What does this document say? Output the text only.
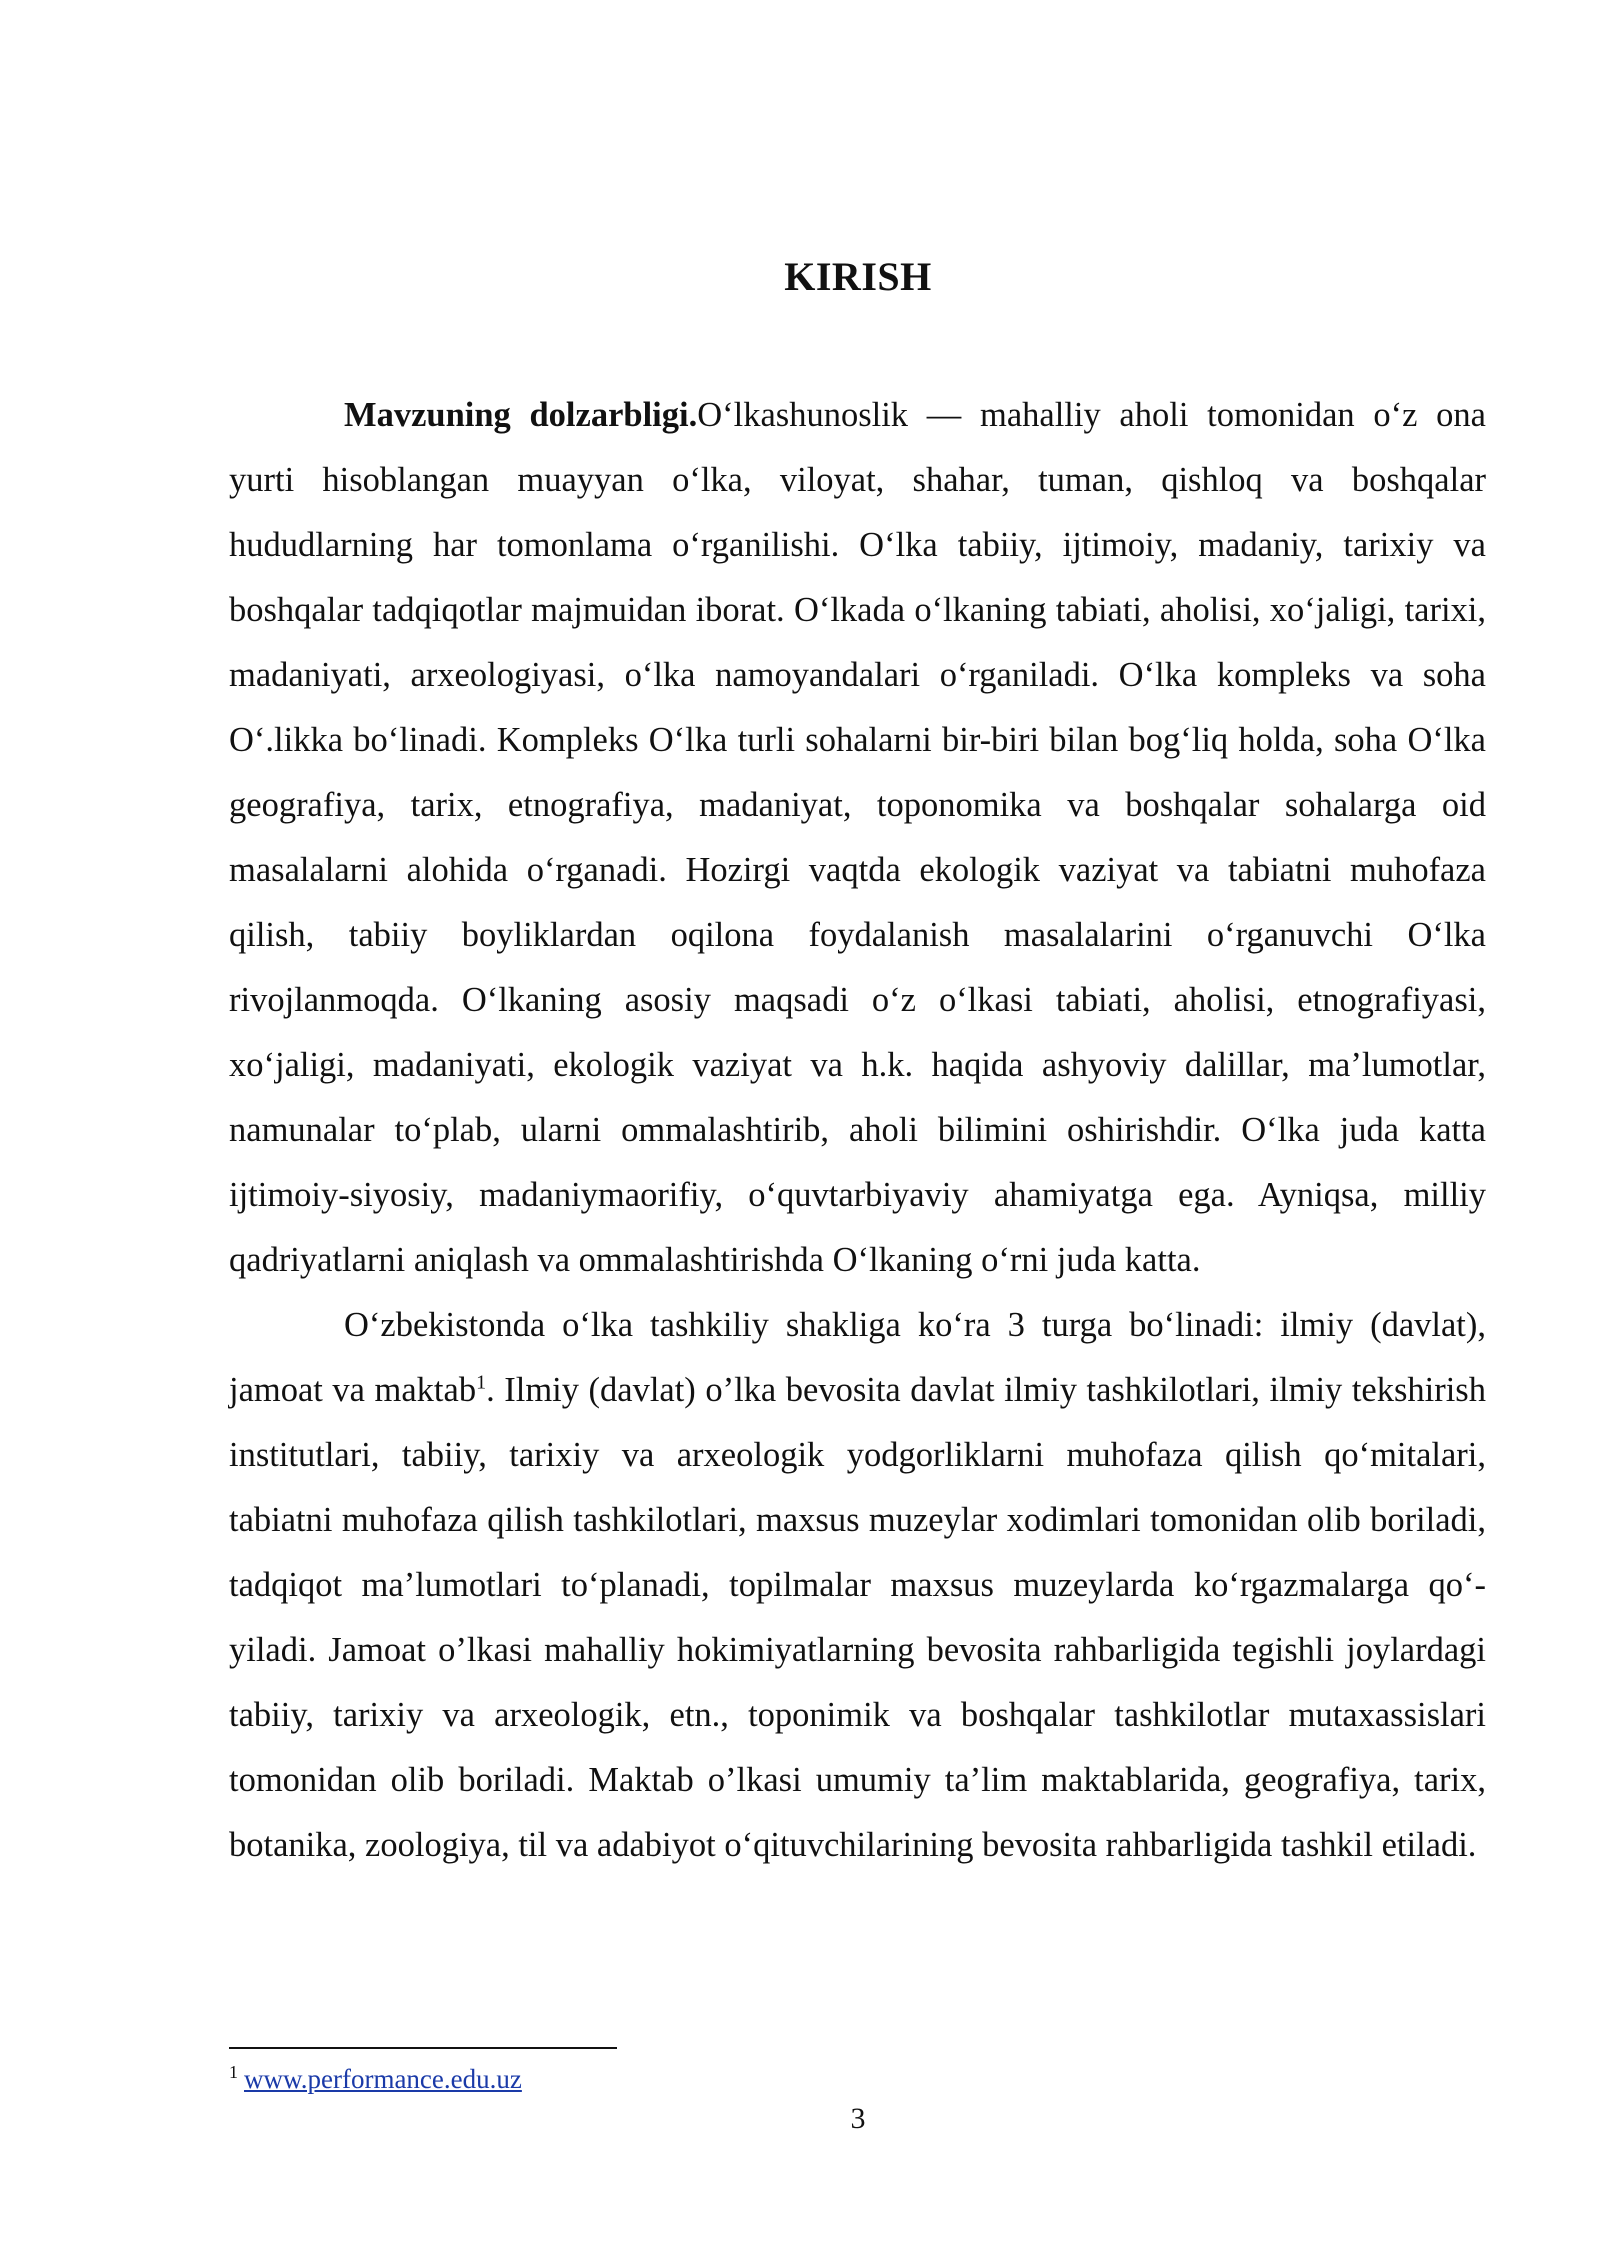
KIRISH

Mavzuning dolzarbligi.O‘lkashunoslik — mahalliy aholi tomonidan o‘z ona yurti hisoblangan muayyan o‘lka, viloyat, shahar, tuman, qishloq va boshqalar hududlarning har tomonlama o‘rganilishi. O‘lka tabiiy, ijtimoiy, madaniy, tarixiy va boshqalar tadqiqotlar majmuidan iborat. O‘lkada o‘lkaning tabiati, aholisi, xo‘jaligi, tarixi, madaniyati, arxeologiyasi, o‘lka namoyandalari o‘rganiladi. O‘lka kompleks va soha O‘.likka bo‘linadi. Kompleks O‘lka turli sohalarni bir-biri bilan bog‘liq holda, soha O‘lka geografiya, tarix, etnografiya, madaniyat, toponomika va boshqalar sohalarga oid masalalarni alohida o‘rganadi. Hozirgi vaqtda ekologik vaziyat va tabiatni muhofaza qilish, tabiiy boyliklardan oqilona foydalanish masalalarini o‘rganuvchi O‘lka rivojlanmoqda. O‘lkaning asosiy maqsadi o‘z o‘lkasi tabiati, aholisi, etnografiyasi, xo‘jaligi, madaniyati, ekologik vaziyat va h.k. haqida ashyoviy dalillar, ma’lumotlar, namunalar to‘plab, ularni ommalashtirib, aholi bilimini oshirishdir. O‘lka juda katta ijtimoiy-siyosiy, madaniymaorifiy, o‘quvtarbiyaviy ahamiyatga ega. Ayniqsa, milliy qadriyatlarni aniqlash va ommalashtirishda O‘lkaning o‘rni juda katta.

O‘zbekistonda o‘lka tashkiliy shakliga ko‘ra 3 turga bo‘linadi: ilmiy (davlat), jamoat va maktab$^1$. Ilmiy (davlat) o’lka bevosita davlat ilmiy tashkilotlari, ilmiy tekshirish institutlari, tabiiy, tarixiy va arxeologik yodgorliklarni muhofaza qilish qo‘mitalari, tabiatni muhofaza qilish tashkilotlari, maxsus muzeylar xodimlari tomonidan olib boriladi, tadqiqot ma’lumotlari to‘planadi, topilmalar maxsus muzeylarda ko‘rgazmalarga qo‘-yiladi. Jamoat o’lkasi mahalliy hokimiyatlarning bevosita rahbarligida tegishli joylardagi tabiiy, tarixiy va arxeologik, etn., toponimik va boshqalar tashkilotlar mutaxassislari tomonidan olib boriladi. Maktab o’lkasi umumiy ta’lim maktablarida, geografiya, tarix, botanika, zoologiya, til va adabiyot o‘qituvchilarining bevosita rahbarligida tashkil etiladi.

$^1$ www.performance.edu.uz
3
